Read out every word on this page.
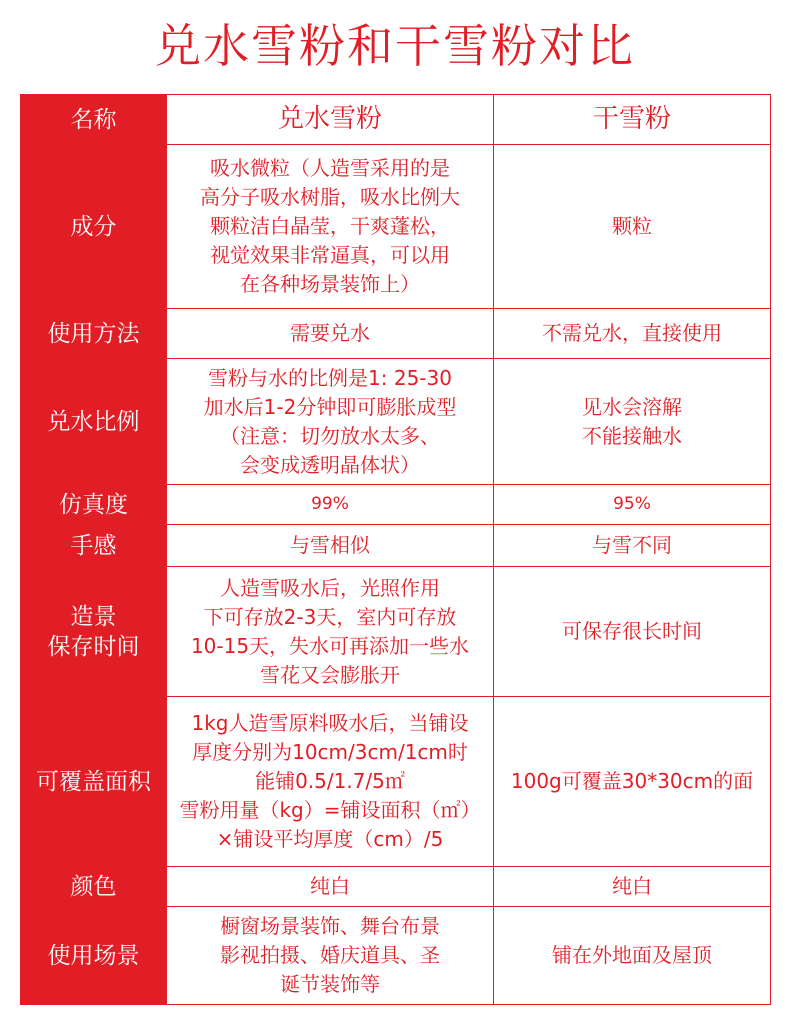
兑水雪粉和干雪粉对比
名称	兑水雪粉	干雪粉
成分	吸水微粒（人造雪采用的是
高分子吸水树脂，吸水比例大
颗粒洁白晶莹，干爽蓬松，
视觉效果非常逼真，可以用
在各种场景装饰上）	颗粒
使用方法	需要兑水	不需兑水，直接使用
兑水比例	雪粉与水的比例是1: 25-30
加水后1-2分钟即可膨胀成型
（注意：切勿放水太多、
会变成透明晶体状）	见水会溶解
不能接触水
仿真度	99%	95%
手感	与雪相似	与雪不同
造景
保存时间	人造雪吸水后，光照作用
下可存放2-3天，室内可存放
10-15天，失水可再添加一些水
雪花又会膨胀开	可保存很长时间
可覆盖面积	1kg人造雪原料吸水后，当铺设
厚度分别为10cm/3cm/1cm时
能铺0.5/1.7/5㎡
雪粉用量（kg）=铺设面积（㎡）
×铺设平均厚度（cm）/5	100g可覆盖30*30cm的面
颜色	纯白	纯白
使用场景	橱窗场景装饰、舞台布景
影视拍摄、婚庆道具、圣
诞节装饰等	铺在外地面及屋顶
